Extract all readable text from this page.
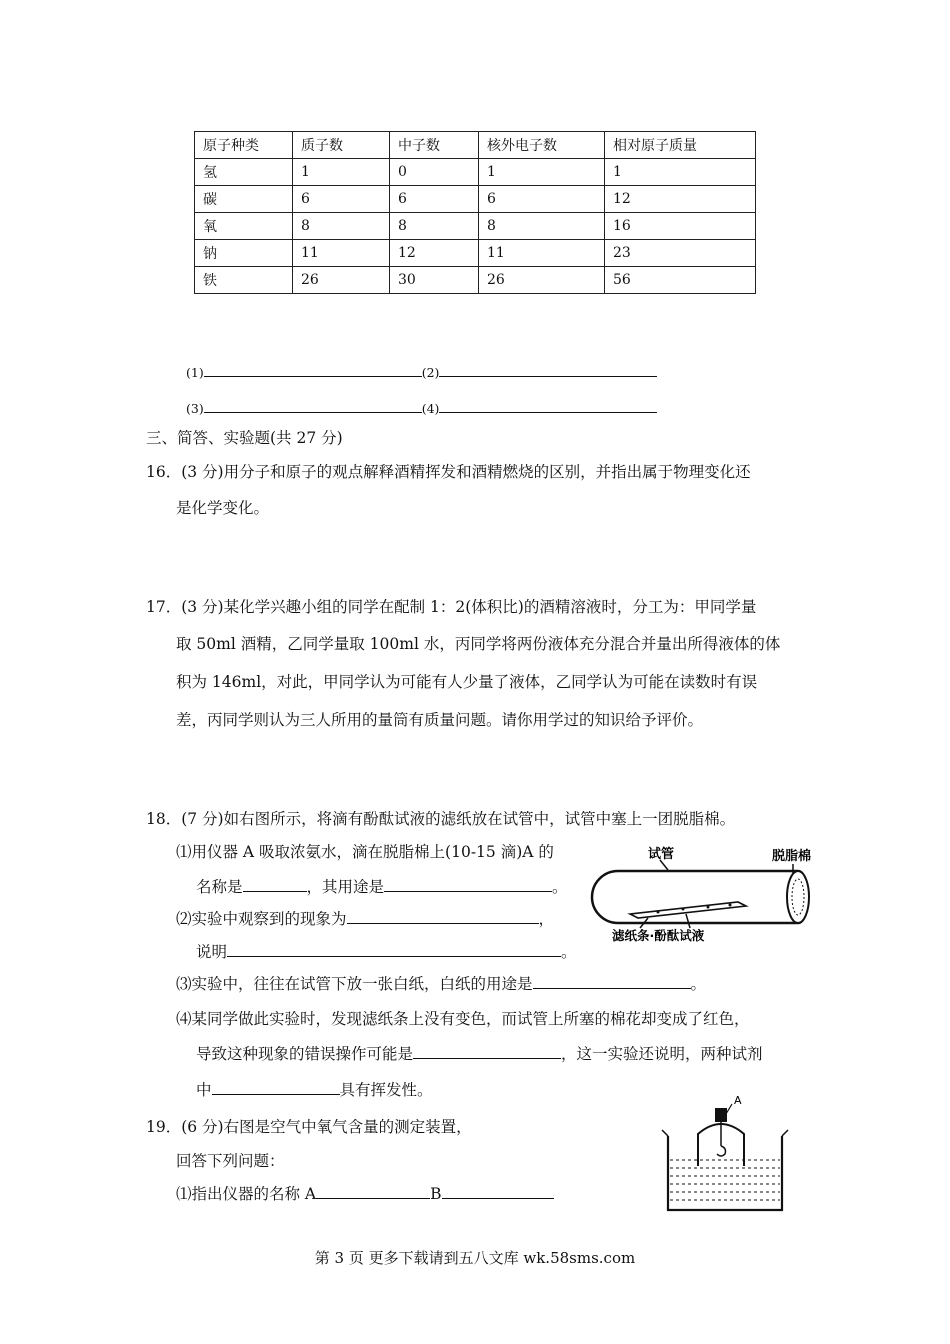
原子种类	质子数	中子数	核外电子数	相对原子质量
氢	1	0	1	1
碳	6	6	6	12
氧	8	8	8	16
钠	11	12	11	23
铁	26	30	26	56
(1)	(2)
(3)	(4)
三、简答、实验题(共 27 分)
16．(3 分)用分子和原子的观点解释酒精挥发和酒精燃烧的区别，并指出属于物理变化还
是化学变化。
17．(3 分)某化学兴趣小组的同学在配制 1：2(体积比)的酒精溶液时，分工为：甲同学量
取 50ml 酒精，乙同学量取 100ml 水，丙同学将两份液体充分混合并量出所得液体的体
积为 146ml，对此，甲同学认为可能有人少量了液体，乙同学认为可能在读数时有误
差，丙同学则认为三人所用的量筒有质量问题。请你用学过的知识给予评价。
18．(7 分)如右图所示，将滴有酚酞试液的滤纸放在试管中，试管中塞上一团脱脂棉。
⑴用仪器 A 吸取浓氨水，滴在脱脂棉上(10-15 滴)A 的
名称是	，其用途是	。
⑵实验中观察到的现象为	，
说明	。
⑶实验中，往往在试管下放一张白纸，白纸的用途是	。
⑷某同学做此实验时，发现滤纸条上没有变色，而试管上所塞的棉花却变成了红色，
导致这种现象的错误操作可能是	，这一实验还说明，两种试剂
中	具有挥发性。
试管	脱脂棉
滤纸条·酚酞试液
19．(6 分)右图是空气中氧气含量的测定装置，
回答下列问题：
⑴指出仪器的名称 A	B
A
第 3 页 更多下载请到五八文库 wk.58sms.com
